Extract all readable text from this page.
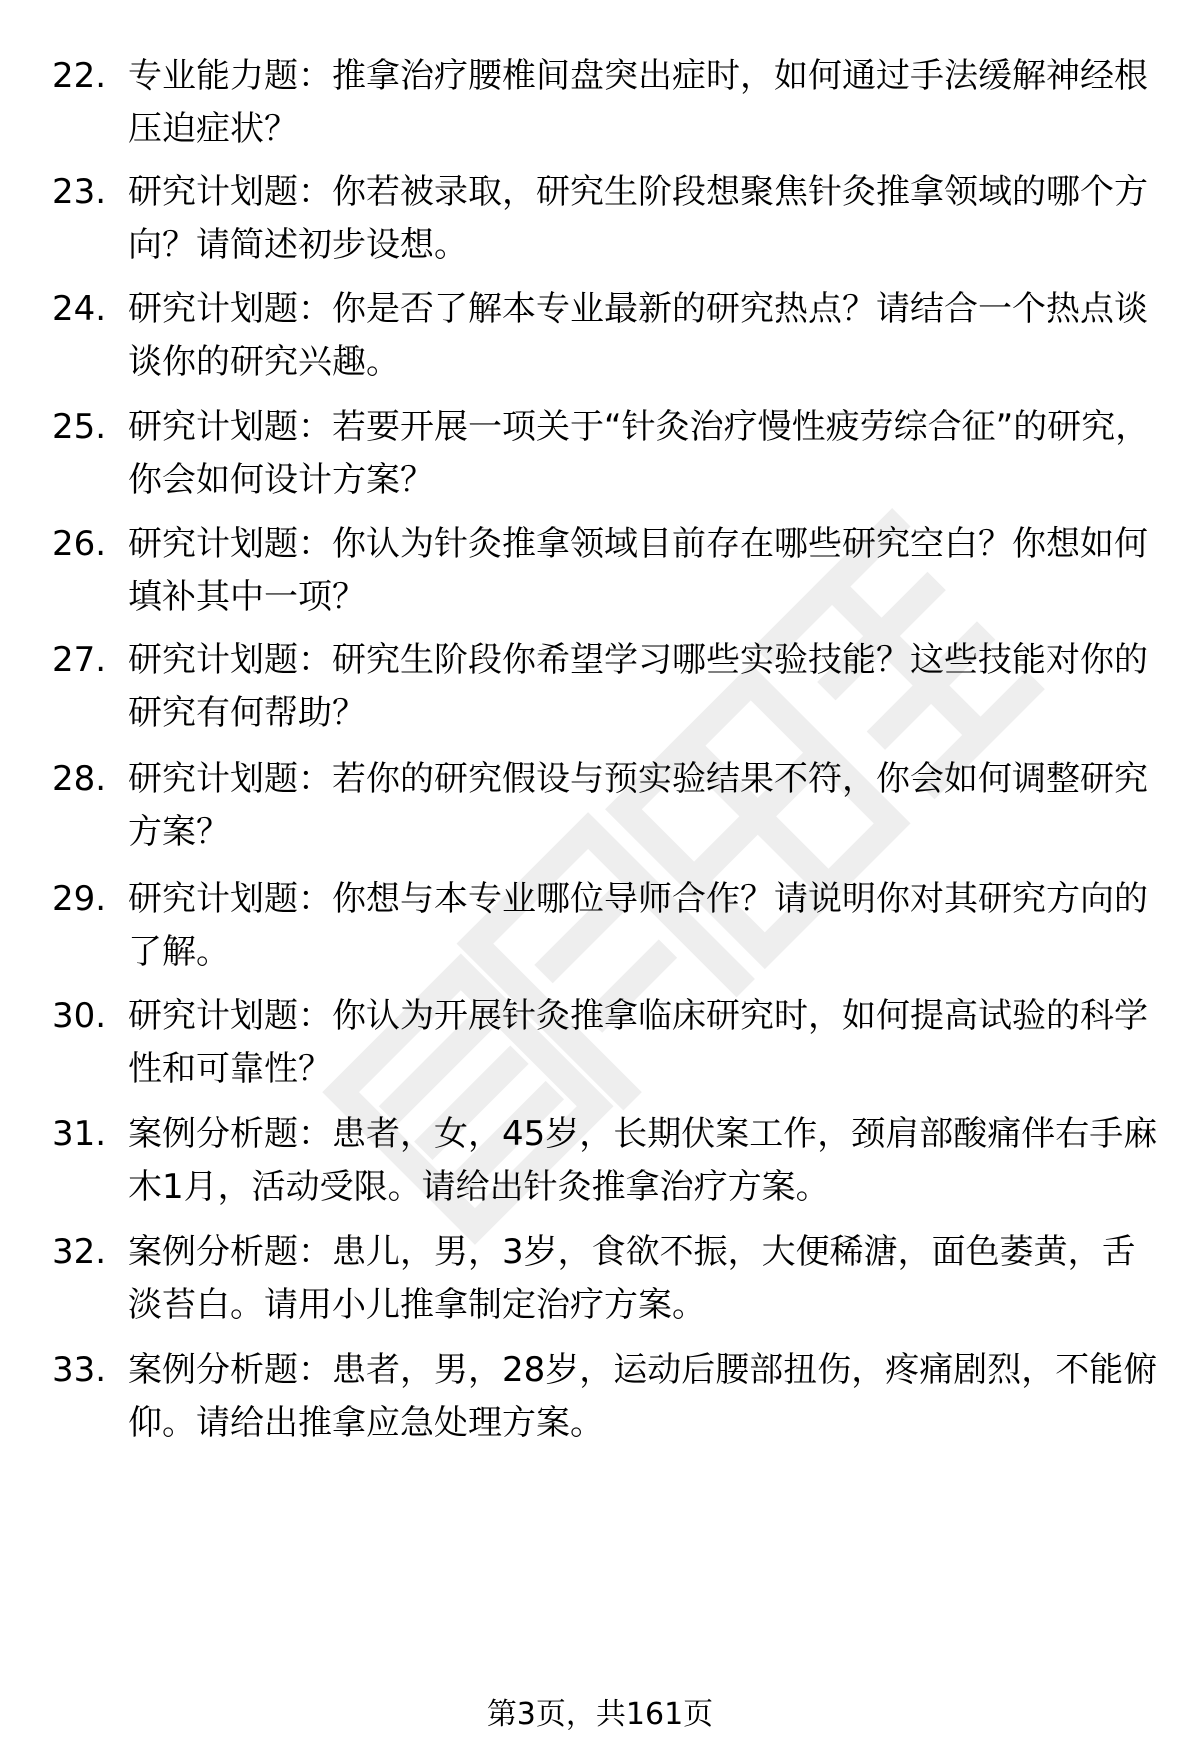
22. 专业能力题：推拿治疗腰椎间盘突出症时，如何通过手法缓解神经根压迫症状？
23. 研究计划题：你若被录取，研究生阶段想聚焦针灸推拿领域的哪个方向？请简述初步设想。
24. 研究计划题：你是否了解本专业最新的研究热点？请结合一个热点谈谈你的研究兴趣。
25. 研究计划题：若要开展一项关于“针灸治疗慢性疲劳综合征”的研究，你会如何设计方案？
26. 研究计划题：你认为针灸推拿领域目前存在哪些研究空白？你想如何填补其中一项？
27. 研究计划题：研究生阶段你希望学习哪些实验技能？这些技能对你的研究有何帮助？
28. 研究计划题：若你的研究假设与预实验结果不符，你会如何调整研究方案？
29. 研究计划题：你想与本专业哪位导师合作？请说明你对其研究方向的了解。
30. 研究计划题：你认为开展针灸推拿临床研究时，如何提高试验的科学性和可靠性？
31. 案例分析题：患者，女，45岁，长期伏案工作，颈肩部酸痛伴右手麻木1月，活动受限。请给出针灸推拿治疗方案。
32. 案例分析题：患儿，男，3岁，食欲不振，大便稀溏，面色萎黄，舌淡苔白。请用小儿推拿制定治疗方案。
33. 案例分析题：患者，男，28岁，运动后腰部扭伤，疼痛剧烈，不能俯仰。请给出推拿应急处理方案。
第3页，共161页
